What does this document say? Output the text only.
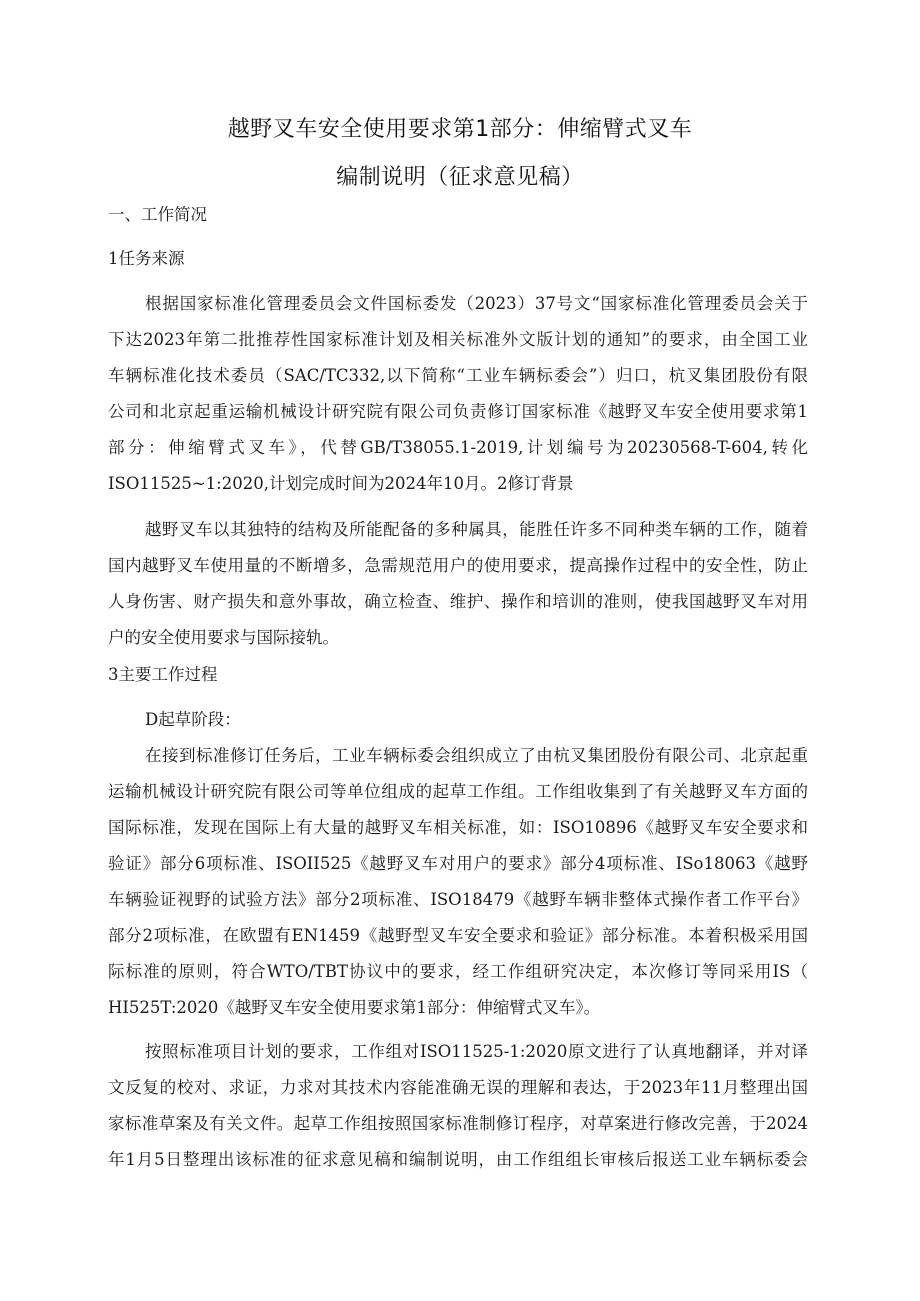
越野叉车安全使用要求第1部分：伸缩臂式叉车
编制说明（征求意见稿）
一、工作简况
1任务来源
根据国家标准化管理委员会文件国标委发（2023）37号文“国家标准化管理委员会关于
下达2023年第二批推荐性国家标准计划及相关标准外文版计划的通知”的要求，由全国工业
车辆标准化技术委员（SAC/TC332,以下简称“工业车辆标委会”）归口，杭叉集团股份有限
公司和北京起重运输机械设计研究院有限公司负责修订国家标准《越野叉车安全使用要求第1
部分：伸缩臂式叉车》，代替GB/T38055.1-2019,计划编号为20230568-T-604,转化
ISO11525~1:2020,计划完成时间为2024年10月。2修订背景
越野叉车以其独特的结构及所能配备的多种属具，能胜任许多不同种类车辆的工作，随着
国内越野叉车使用量的不断增多，急需规范用户的使用要求，提高操作过程中的安全性，防止
人身伤害、财产损失和意外事故，确立检查、维护、操作和培训的准则，使我国越野叉车对用
户的安全使用要求与国际接轨。
3主要工作过程
D起草阶段：
在接到标准修订任务后，工业车辆标委会组织成立了由杭叉集团股份有限公司、北京起重
运输机械设计研究院有限公司等单位组成的起草工作组。工作组收集到了有关越野叉车方面的
国际标准，发现在国际上有大量的越野叉车相关标准，如：ISO10896《越野叉车安全要求和
验证》部分6项标准、ISOII525《越野叉车对用户的要求》部分4项标准、ISo18063《越野
车辆验证视野的试验方法》部分2项标准、ISO18479《越野车辆非整体式操作者工作平台》
部分2项标准，在欧盟有EN1459《越野型叉车安全要求和验证》部分标准。本着积极采用国
际标准的原则，符合WTO/TBT协议中的要求，经工作组研究决定，本次修订等同采用IS（
HI525T:2020《越野叉车安全使用要求第1部分：伸缩臂式叉车》。
按照标准项目计划的要求，工作组对ISO11525-1:2020原文进行了认真地翻译，并对译
文反复的校对、求证，力求对其技术内容能准确无误的理解和表达，于2023年11月整理出国
家标准草案及有关文件。起草工作组按照国家标准制修订程序，对草案进行修改完善，于2024
年1月5日整理出该标准的征求意见稿和编制说明，由工作组组长审核后报送工业车辆标委会
